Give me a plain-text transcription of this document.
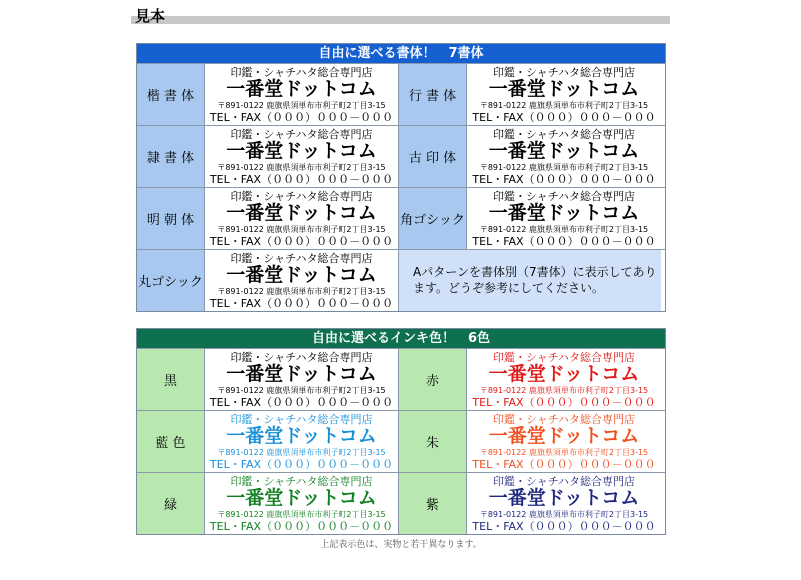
見本
自由に選べる書体！　7書体
楷 書 体
印鑑・シャチハタ総合専門店
一番堂ドットコム
〒891-0122 鹿旗県須単布市利子町2丁目3-15
TEL・FAX（０００）０００－０００
行 書 体
印鑑・シャチハタ総合専門店
一番堂ドットコム
〒891-0122 鹿旗県須単布市利子町2丁目3-15
TEL・FAX（０００）０００－０００
隷 書 体
印鑑・シャチハタ総合専門店
一番堂ドットコム
〒891-0122 鹿旗県須単布市利子町2丁目3-15
TEL・FAX（０００）０００－０００
古 印 体
印鑑・シャチハタ総合専門店
一番堂ドットコム
〒891-0122 鹿旗県須単布市利子町2丁目3-15
TEL・FAX（０００）０００－０００
明 朝 体
印鑑・シャチハタ総合専門店
一番堂ドットコム
〒891-0122 鹿旗県須単布市利子町2丁目3-15
TEL・FAX（０００）０００－０００
角ゴシック
印鑑・シャチハタ総合専門店
一番堂ドットコム
〒891-0122 鹿旗県須単布市利子町2丁目3-15
TEL・FAX（０００）０００－０００
丸ゴシック
印鑑・シャチハタ総合専門店
一番堂ドットコム
〒891-0122 鹿旗県須単布市利子町2丁目3-15
TEL・FAX（０００）０００－０００
Aパターンを書体別（7書体）に表示してあります。どうぞ参考にしてください。
自由に選べるインキ色！　6色
黒
印鑑・シャチハタ総合専門店
一番堂ドットコム
〒891-0122 鹿旗県須単布市利子町2丁目3-15
TEL・FAX（０００）０００－０００
赤
印鑑・シャチハタ総合専門店
一番堂ドットコム
〒891-0122 鹿旗県須単布市利子町2丁目3-15
TEL・FAX（０００）０００－０００
藍 色
印鑑・シャチハタ総合専門店
一番堂ドットコム
〒891-0122 鹿旗県須単布市利子町2丁目3-15
TEL・FAX（０００）０００－０００
朱
印鑑・シャチハタ総合専門店
一番堂ドットコム
〒891-0122 鹿旗県須単布市利子町2丁目3-15
TEL・FAX（０００）０００－０００
緑
印鑑・シャチハタ総合専門店
一番堂ドットコム
〒891-0122 鹿旗県須単布市利子町2丁目3-15
TEL・FAX（０００）０００－０００
紫
印鑑・シャチハタ総合専門店
一番堂ドットコム
〒891-0122 鹿旗県須単布市利子町2丁目3-15
TEL・FAX（０００）０００－０００
上記表示色は、実物と若干異なります。
